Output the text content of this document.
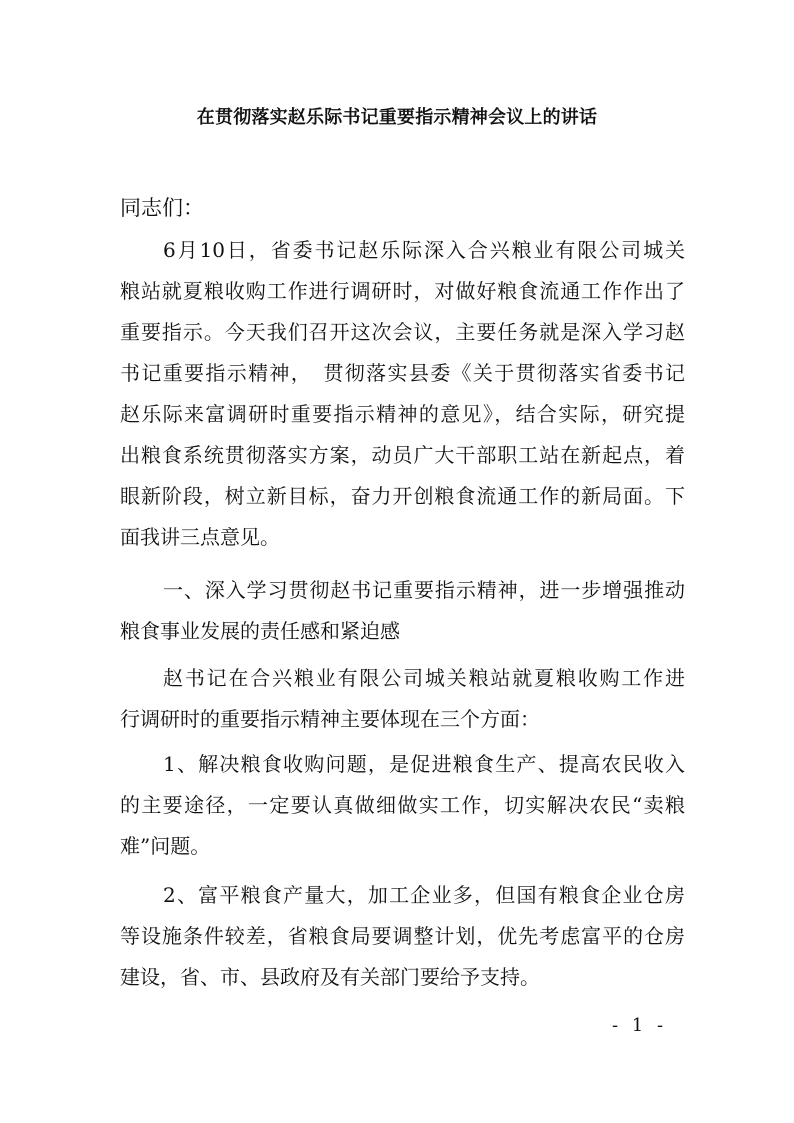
在贯彻落实赵乐际书记重要指示精神会议上的讲话
同志们：
6月10日，省委书记赵乐际深入合兴粮业有限公司城关
粮站就夏粮收购工作进行调研时，对做好粮食流通工作作出了
重要指示。今天我们召开这次会议，主要任务就是深入学习赵
书记重要指示精神，　贯彻落实县委《关于贯彻落实省委书记
赵乐际来富调研时重要指示精神的意见》，结合实际，研究提
出粮食系统贯彻落实方案，动员广大干部职工站在新起点，着
眼新阶段，树立新目标，奋力开创粮食流通工作的新局面。下
面我讲三点意见。
一、深入学习贯彻赵书记重要指示精神，进一步增强推动
粮食事业发展的责任感和紧迫感
赵书记在合兴粮业有限公司城关粮站就夏粮收购工作进
行调研时的重要指示精神主要体现在三个方面：
1、解决粮食收购问题，是促进粮食生产、提高农民收入
的主要途径，一定要认真做细做实工作，切实解决农民“卖粮
难”问题。
2、富平粮食产量大，加工企业多，但国有粮食企业仓房
等设施条件较差，省粮食局要调整计划，优先考虑富平的仓房
建设，省、市、县政府及有关部门要给予支持。
- 1 -
